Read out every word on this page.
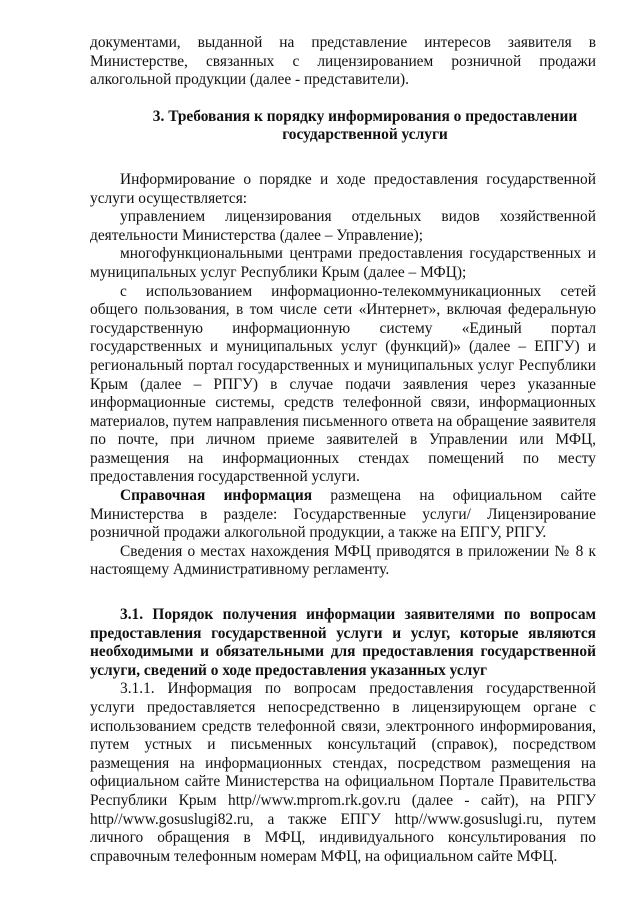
документами, выданной на представление интересов заявителя в Министерстве, связанных с лицензированием розничной продажи алкогольной продукции (далее - представители).

3. Требования к порядку информирования о предоставлении государственной услуги

Информирование о порядке и ходе предоставления государственной услуги осуществляется:

управлением лицензирования отдельных видов хозяйственной деятельности Министерства (далее – Управление);

многофункциональными центрами предоставления государственных и муниципальных услуг Республики Крым (далее – МФЦ);

с использованием информационно-телекоммуникационных сетей общего пользования, в том числе сети «Интернет», включая федеральную государственную информационную систему «Единый портал государственных и муниципальных услуг (функций)» (далее – ЕПГУ) и региональный портал государственных и муниципальных услуг Республики Крым (далее – РПГУ) в случае подачи заявления через указанные информационные системы, средств телефонной связи, информационных материалов, путем направления письменного ответа на обращение заявителя по почте, при личном приеме заявителей в Управлении или МФЦ, размещения на информационных стендах помещений по месту предоставления государственной услуги.

Справочная информация размещена на официальном сайте Министерства в разделе: Государственные услуги/ Лицензирование розничной продажи алкогольной продукции, а также на ЕПГУ, РПГУ.

Сведения о местах нахождения МФЦ приводятся в приложении № 8 к настоящему Административному регламенту.

3.1. Порядок получения информации заявителями по вопросам предоставления государственной услуги и услуг, которые являются необходимыми и обязательными для предоставления государственной услуги, сведений о ходе предоставления указанных услуг

3.1.1. Информация по вопросам предоставления государственной услуги предоставляется непосредственно в лицензирующем органе с использованием средств телефонной связи, электронного информирования, путем устных и письменных консультаций (справок), посредством размещения на информационных стендах, посредством размещения на официальном сайте Министерства на официальном Портале Правительства Республики Крым http//www.mprom.rk.gov.ru (далее - сайт), на РПГУ http//www.gosuslugi82.ru, а также ЕПГУ http//www.gosuslugi.ru, путем личного обращения в МФЦ, индивидуального консультирования по справочным телефонным номерам МФЦ, на официальном сайте МФЦ.
